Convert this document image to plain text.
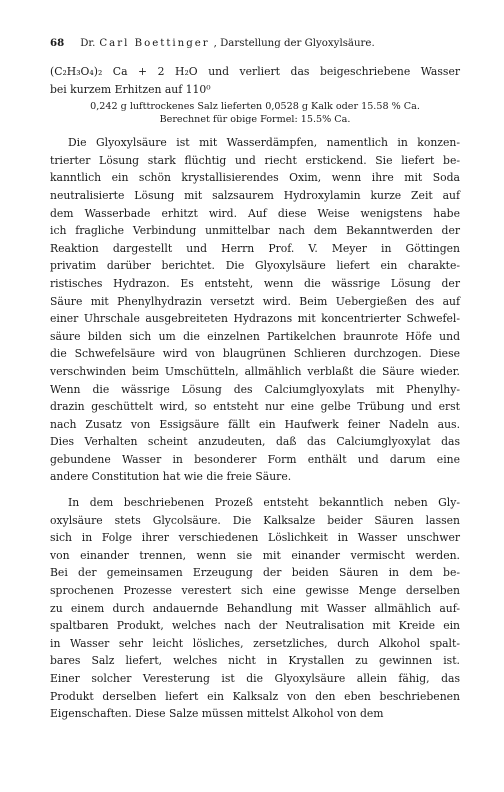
68 Dr. Carl Boettinger , Darstellung der Glyoxylsäure.
(C₂H₃O₄)₂ Ca + 2 H₂O und verliert das beigeschriebene Wasser
bei kurzem Erhitzen auf 110⁰

0,242 g lufttrockenes Salz lieferten 0,0528 g Kalk oder 15.58 % Ca.

Berechnet für obige Formel: 15.5% Ca.

Die Glyoxylsäure ist mit Wasserdämpfen, namentlich in konzen-
trierter Lösung stark flüchtig und riecht erstickend. Sie liefert be-
kanntlich ein schön krystallisierendes Oxim, wenn ihre mit Soda
neutralisierte Lösung mit salzsaurem Hydroxylamin kurze Zeit auf
dem Wasserbade erhitzt wird. Auf diese Weise wenigstens habe
ich fragliche Verbindung unmittelbar nach dem Bekanntwerden der
Reaktion dargestellt und Herrn Prof. V. Meyer in Göttingen
privatim darüber berichtet. Die Glyoxylsäure liefert ein charakte-
ristisches Hydrazon. Es entsteht, wenn die wässrige Lösung der
Säure mit Phenylhydrazin versetzt wird. Beim Uebergießen des auf
einer Uhrschale ausgebreiteten Hydrazons mit koncentrierter Schwefel-
säure bilden sich um die einzelnen Partikelchen braunrote Höfe und
die Schwefelsäure wird von blaugrünen Schlieren durchzogen. Diese
verschwinden beim Umschütteln, allmählich verblaßt die Säure wieder.
Wenn die wässrige Lösung des Calciumglyoxylats mit Phenylhy-
drazin geschüttelt wird, so entsteht nur eine gelbe Trübung und erst
nach Zusatz von Essigsäure fällt ein Haufwerk feiner Nadeln aus.
Dies Verhalten scheint anzudeuten, daß das Calciumglyoxylat das
gebundene Wasser in besonderer Form enthält und darum eine
andere Constitution hat wie die freie Säure.
In dem beschriebenen Prozeß entsteht bekanntlich neben Gly-
oxylsäure stets Glycolsäure. Die Kalksalze beider Säuren lassen
sich in Folge ihrer verschiedenen Löslichkeit in Wasser unschwer
von einander trennen, wenn sie mit einander vermischt werden.
Bei der gemeinsamen Erzeugung der beiden Säuren in dem be-
sprochenen Prozesse verestert sich eine gewisse Menge derselben
zu einem durch andauernde Behandlung mit Wasser allmählich auf-
spaltbaren Produkt, welches nach der Neutralisation mit Kreide ein
in Wasser sehr leicht lösliches, zersetzliches, durch Alkohol spalt-
bares Salz liefert, welches nicht in Krystallen zu gewinnen ist.
Einer solcher Veresterung ist die Glyoxylsäure allein fähig, das
Produkt derselben liefert ein Kalksalz von den eben beschriebenen
Eigenschaften. Diese Salze müssen mittelst Alkohol von dem
